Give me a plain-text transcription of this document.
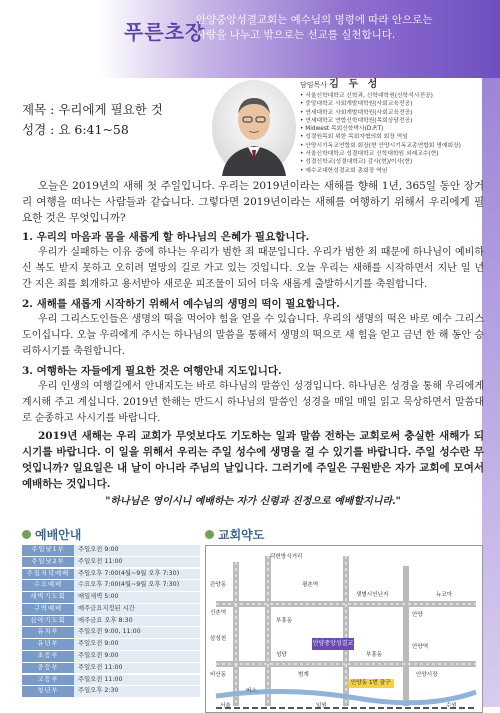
푸른초장
안양중앙성결교회는 예수님의 명령에 따라 안으로는
사랑을 나누고 밖으로는 선교를 실천합니다.
제목 : 우리에게 필요한 것
성경 : 요 6:41~58
담임목사 김 두 성
• 서울신학대학교 신학과, 신학대학원(신학석사전공)
• 중앙대학교 사회개발대학원(사회교육전공)
• 연세대학교 사회개발대학원(사회교육전공)
• 연세대학교 연합신학대학원(목회상담전공)
• Midwest 목회신학박사(D.P.T)
• 성결원목회 위한 목회자협의회 회장 역임
• 안양시기독교연합회 회장(현 안양시기독교총연합회 명예회장)
• 서울신학대학교 성결대학교 신학대학원 외래교수(현)
• 성결신학교(성결대학교) 감사(현)/이사(현)
• 예수교대한성결교회 총회장 역임

오늘은 2019년의 새해 첫 주일입니다. 우리는 2019년이라는 새해를 향해 1년, 365일 동안 장거리 여행을 떠나는 사람들과 같습니다. 그렇다면 2019년이라는 새해를 여행하기 위해서 우리에게 필요한 것은 무엇입니까?

1. 우리의 마음과 몸을 새롭게 할 하나님의 은혜가 필요합니다.

우리가 실패하는 이유 중에 하나는 우리가 범한 죄 때문입니다. 우리가 범한 죄 때문에 하나님이 예비하신 복도 받지 못하고 오히려 멸망의 길로 가고 있는 것입니다. 오늘 우리는 새해를 시작하면서 지난 일 년 간 지은 죄를 회개하고 용서받아 새로운 피조물이 되어 더욱 새롭게 출발하시기를 축원합니다.

2. 새해를 새롭게 시작하기 위해서 예수님의 생명의 떡이 필요합니다.

우리 그리스도인들은 생명의 떡을 먹어야 힘을 얻을 수 있습니다. 우리의 생명의 떡은 바로 예수 그리스도이십니다. 오늘 우리에게 주시는 하나님의 말씀을 통해서 생명의 떡으로 새 힘을 얻고 금년 한 해 동안 승리하시기를 축원합니다.

3. 여행하는 자들에게 필요한 것은 여행안내 지도입니다.

우리 인생의 여행길에서 안내지도는 바로 하나님의 말씀인 성경입니다. 하나님은 성경을 통해 우리에게 계시해 주고 계십니다. 2019년 한해는 반드시 하나님의 말씀인 성경을 매일 매일 읽고 묵상하면서 말씀대로 순종하고 사시기를 바랍니다.

2019년 새해는 우리 교회가 무엇보다도 기도하는 일과 말씀 전하는 교회로써 충실한 새해가 되시기를 바랍니다. 이 일을 위해서 우리는 주일 성수에 생명을 걸 수 있기를 바랍니다. 주일 성수란 무엇입니까? 일요일은 내 날이 아니라 주님의 날입니다. 그러기에 주일은 구원받은 자가 교회에 모여서 예배하는 것입니다.

"하나님은 영이시니 예배하는 자가 신령과 진정으로 예배할지니라."
예배안내
주일낮1부	주일오전 9:00
주일낮2부	주일오전 11:00
주일저녁예배	주일오후 7:00(4월~9월 오후 7:30)
수요예배	수요오후 7:00(4월~9월 오후 7:30)
새벽기도회	매일새벽 5:00
구역예배	매주금요지정된 시간
심야기도회	매주금요 오후 8:30
유치부	주일오전 9:00, 11:00
유년부	주일오전 9:00
초등부	주일오전 9:00
중등부	주일오전 11:00
고등부	주일오전 11:00
청년부	주일오후 2:30
교회약도
덕헌방식거리
관양동	평촌역
샛별시인닌지
신촌역
삼성천
부흥동
안양
안양역
성당
안양중앙성결교회	부흥동
비산동	범계
뉴코아
안양시장
서울	수원
일원
버스
안양동 1번 출구
